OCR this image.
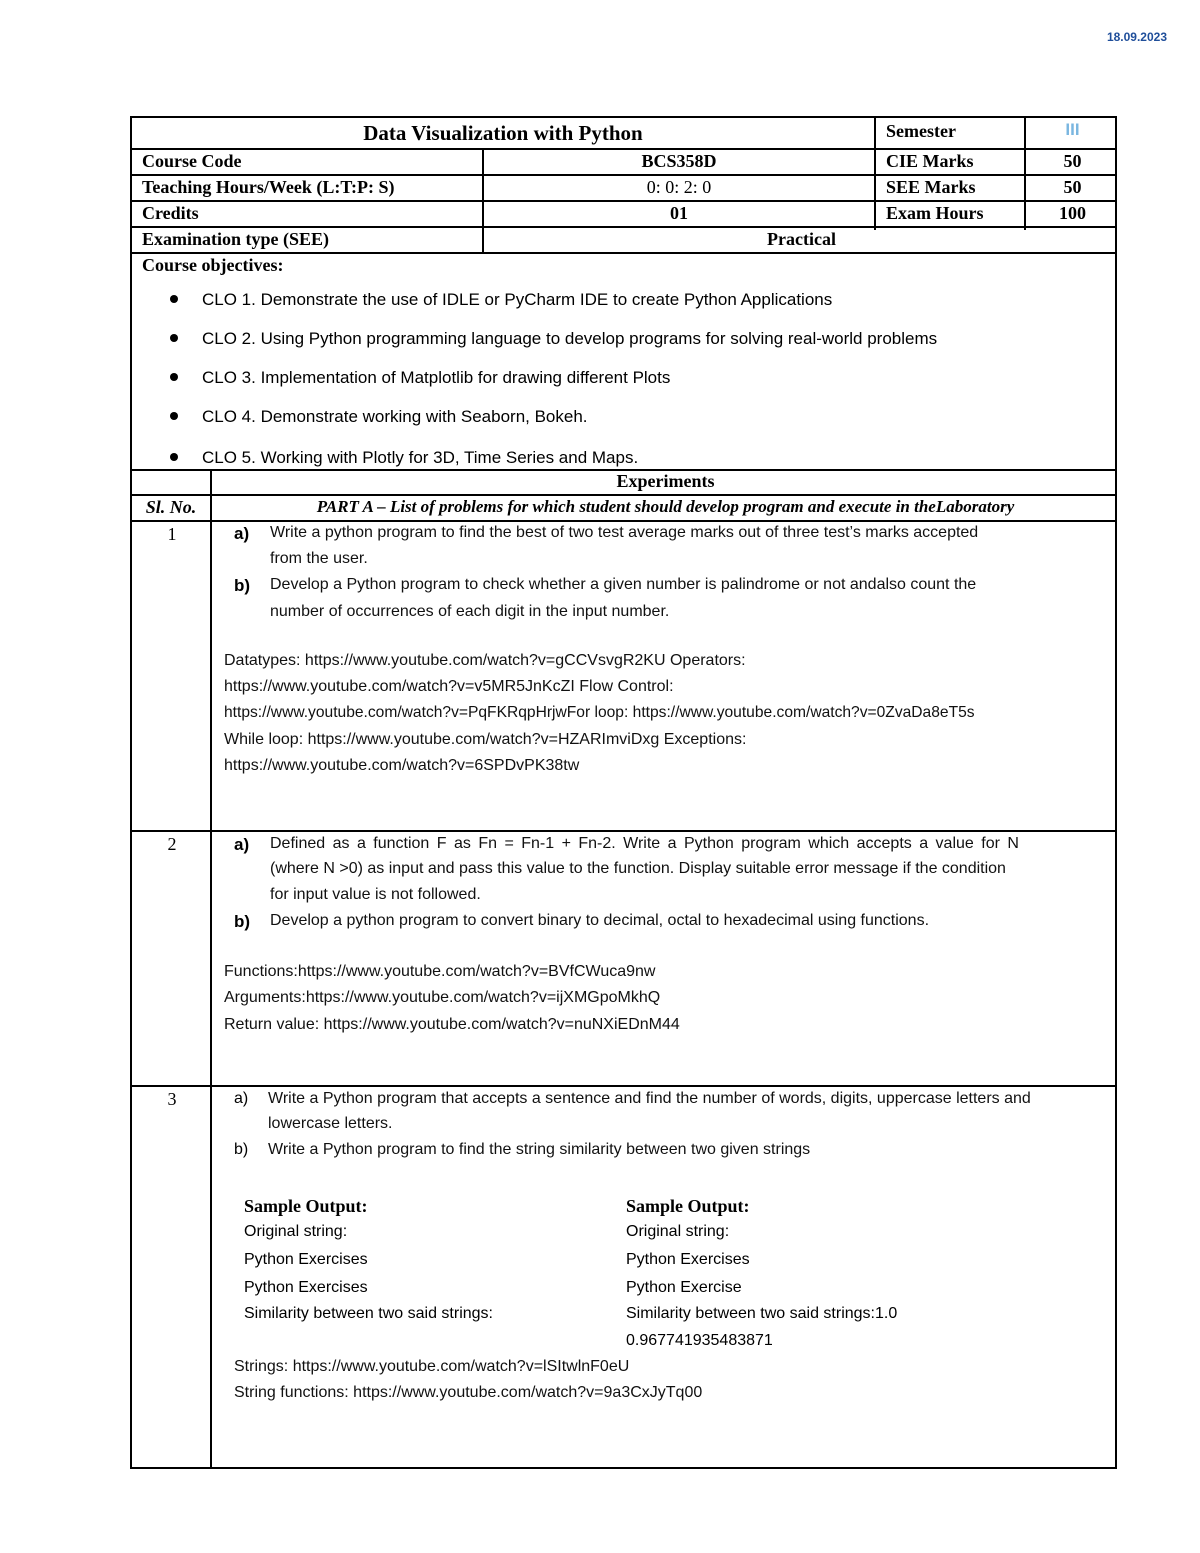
18.09.2023
Data Visualization with Python	Semester	III
Course Code	BCS358D	CIE Marks	50
Teaching Hours/Week (L:T:P: S)	0: 0: 2: 0	SEE Marks	50
Credits	01	Exam Hours	100
Examination type (SEE)	Practical
Course objectives:
CLO 1. Demonstrate the use of IDLE or PyCharm IDE to create Python Applications
CLO 2. Using Python programming language to develop programs for solving real-world problems
CLO 3. Implementation of Matplotlib for drawing different Plots
CLO 4. Demonstrate working with Seaborn, Bokeh.
CLO 5. Working with Plotly for 3D, Time Series and Maps.
Experiments
Sl. No.	PART A – List of problems for which student should develop program and execute in theLaboratory
1	a) Write a python program to find the best of two test average marks out of three test’s marks accepted
from the user.
b) Develop a Python program to check whether a given number is palindrome or not andalso count the
number of occurrences of each digit in the input number.
Datatypes: https://www.youtube.com/watch?v=gCCVsvgR2KU Operators:
https://www.youtube.com/watch?v=v5MR5JnKcZI Flow Control:
https://www.youtube.com/watch?v=PqFKRqpHrjwFor loop: https://www.youtube.com/watch?v=0ZvaDa8eT5s
While loop: https://www.youtube.com/watch?v=HZARImviDxg Exceptions:
https://www.youtube.com/watch?v=6SPDvPK38tw
2	a) Defined as a function F as Fn = Fn-1 + Fn-2. Write a Python program which accepts a value for N
(where N >0) as input and pass this value to the function. Display suitable error message if the condition
for input value is not followed.
b) Develop a python program to convert binary to decimal, octal to hexadecimal using functions.
Functions:https://www.youtube.com/watch?v=BVfCWuca9nw
Arguments:https://www.youtube.com/watch?v=ijXMGpoMkhQ
Return value: https://www.youtube.com/watch?v=nuNXiEDnM44
3	a) Write a Python program that accepts a sentence and find the number of words, digits, uppercase letters and
lowercase letters.
b) Write a Python program to find the string similarity between two given strings
Sample Output:
Original string:
Python Exercises
Python Exercises
Similarity between two said strings:
Sample Output:
Original string:
Python Exercises
Python Exercise
Similarity between two said strings:1.0
0.967741935483871
Strings: https://www.youtube.com/watch?v=lSItwlnF0eU
String functions: https://www.youtube.com/watch?v=9a3CxJyTq00
